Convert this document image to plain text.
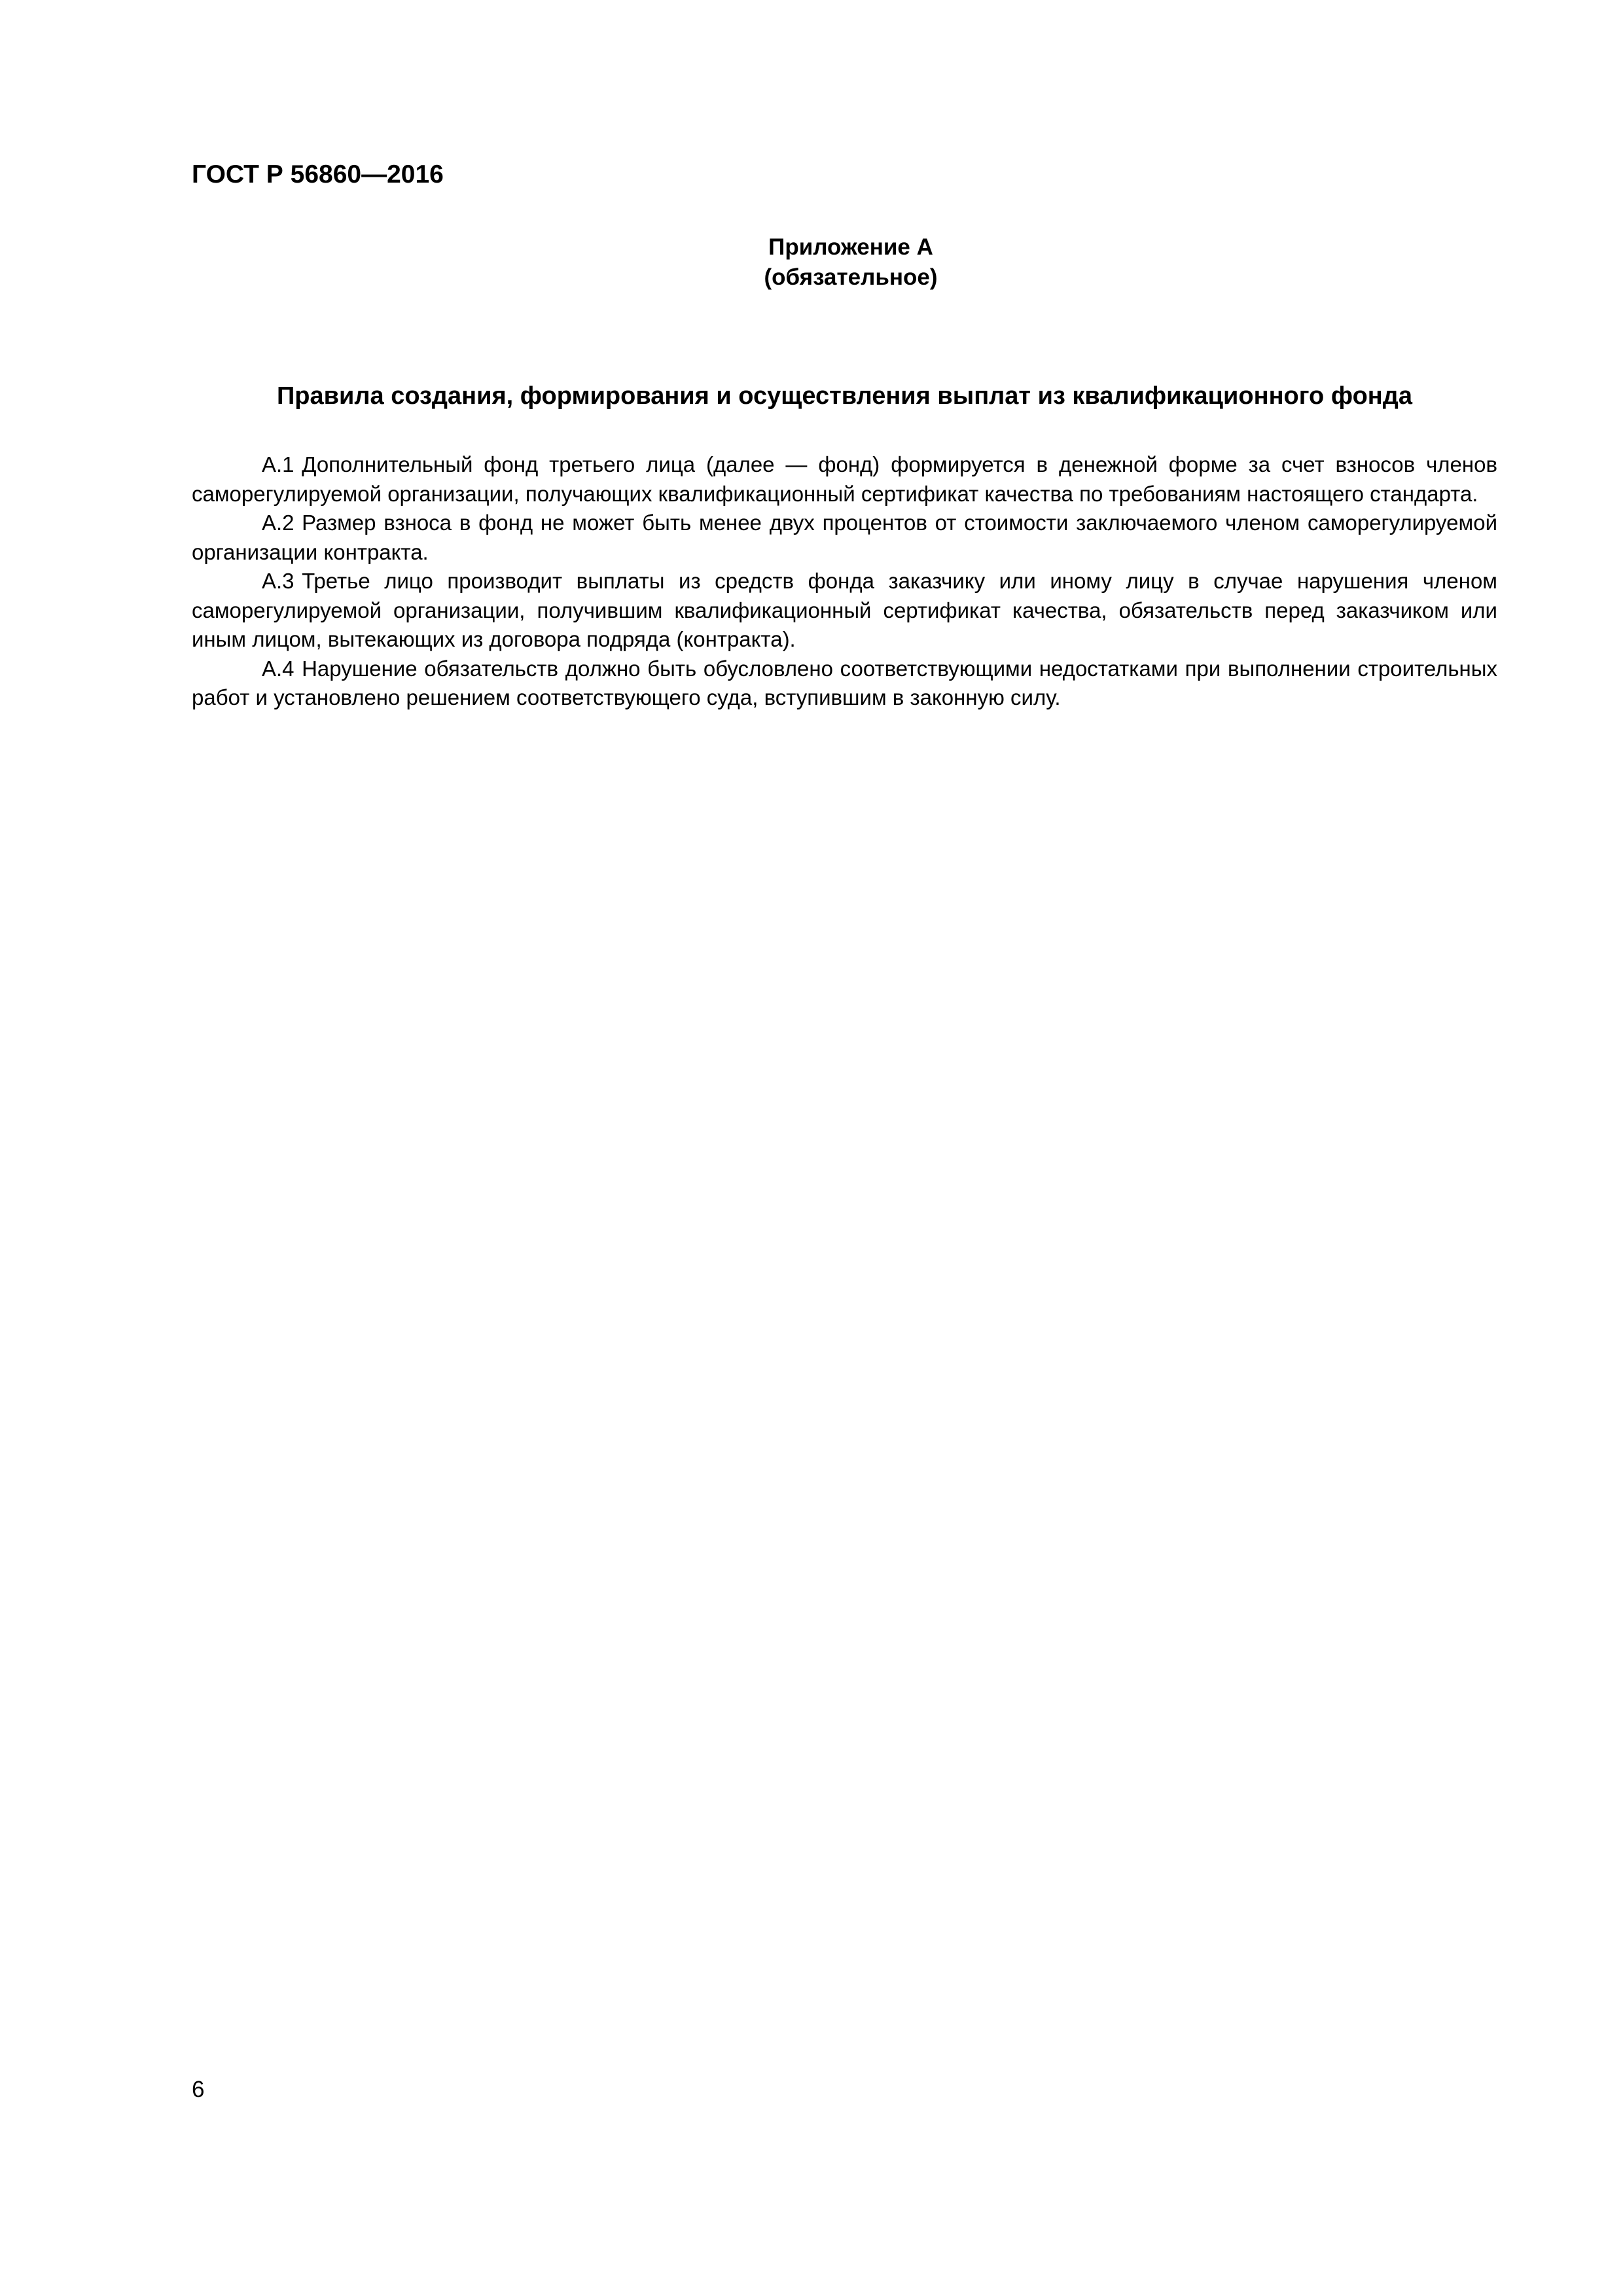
ГОСТ Р 56860—2016
Приложение А
(обязательное)
Правила создания, формирования и осуществления выплат из квалификационного фонда

А.1 Дополнительный фонд третьего лица (далее — фонд) формируется в денежной форме за счет взносов членов саморегулируемой организации, получающих квалификационный сертификат качества по требованиям настоящего стандарта.

А.2 Размер взноса в фонд не может быть менее двух процентов от стоимости заключаемого членом саморегулируемой организации контракта.

А.3 Третье лицо производит выплаты из средств фонда заказчику или иному лицу в случае нарушения членом саморегулируемой организации, получившим квалификационный сертификат качества, обязательств перед заказчиком или иным лицом, вытекающих из договора подряда (контракта).

А.4 Нарушение обязательств должно быть обусловлено соответствующими недостатками при выполнении строительных работ и установлено решением соответствующего суда, вступившим в законную силу.

6
